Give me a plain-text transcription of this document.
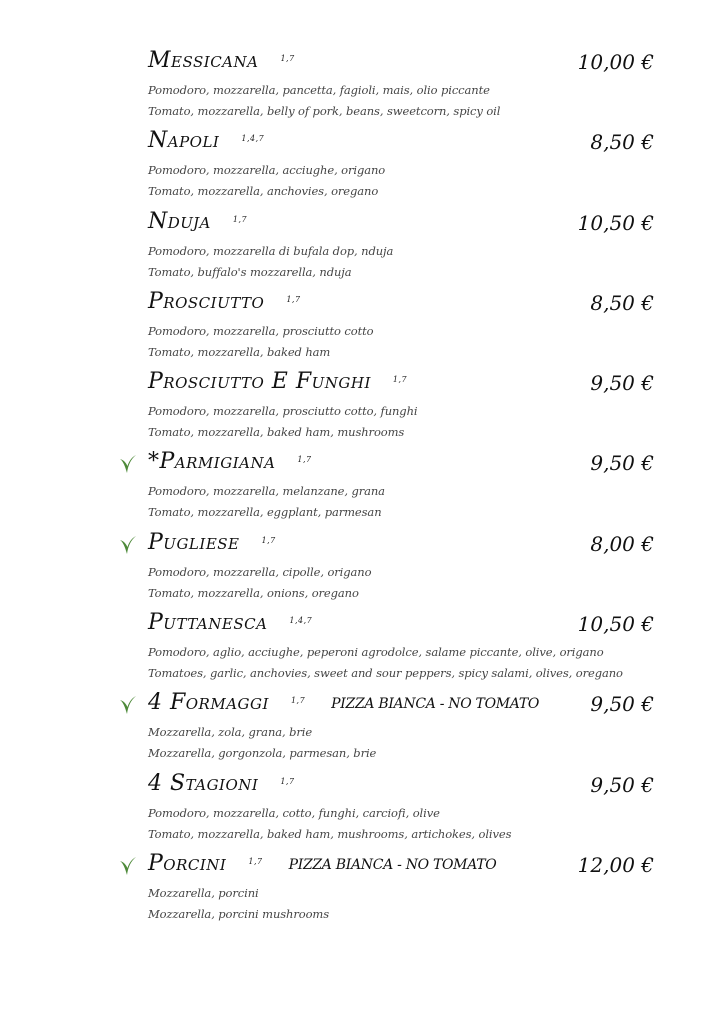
Messicana	$^{1,7}$	10,00 €
Pomodoro, mozzarella, pancetta, fagioli, mais, olio piccante
Tomato, mozzarella, belly of pork, beans, sweetcorn, spicy oil
Napoli	$^{1,4,7}$	8,50 €
Pomodoro, mozzarella, acciughe, origano
Tomato, mozzarella, anchovies, oregano
Nduja	$^{1,7}$	10,50 €
Pomodoro, mozzarella di bufala dop, nduja
Tomato, buffalo's mozzarella, nduja
Prosciutto	$^{1,7}$	8,50 €
Pomodoro, mozzarella, prosciutto cotto
Tomato, mozzarella, baked ham
Prosciutto E Funghi	$^{1,7}$	9,50 €
Pomodoro, mozzarella, prosciutto cotto, funghi
Tomato, mozzarella, baked ham, mushrooms
*Parmigiana	$^{1,7}$	9,50 €
Pomodoro, mozzarella, melanzane, grana
Tomato, mozzarella, eggplant, parmesan
Pugliese	$^{1,7}$	8,00 €
Pomodoro, mozzarella, cipolle, origano
Tomato, mozzarella, onions, oregano
Puttanesca	$^{1,4,7}$	10,50 €
Pomodoro, aglio, acciughe, peperoni agrodolce, salame piccante, olive, origano
Tomatoes, garlic, anchovies, sweet and sour peppers, spicy salami, olives, oregano
4 Formaggi	$^{1,7}$ PIZZA BIANCA - NO TOMATO	9,50 €
Mozzarella, zola, grana, brie
Mozzarella, gorgonzola, parmesan, brie
4 Stagioni	$^{1,7}$	9,50 €
Pomodoro, mozzarella, cotto, funghi, carciofi, olive
Tomato, mozzarella, baked ham, mushrooms, artichokes, olives
Porcini	$^{1,7}$ PIZZA BIANCA - NO TOMATO	12,00 €
Mozzarella, porcini
Mozzarella, porcini mushrooms
